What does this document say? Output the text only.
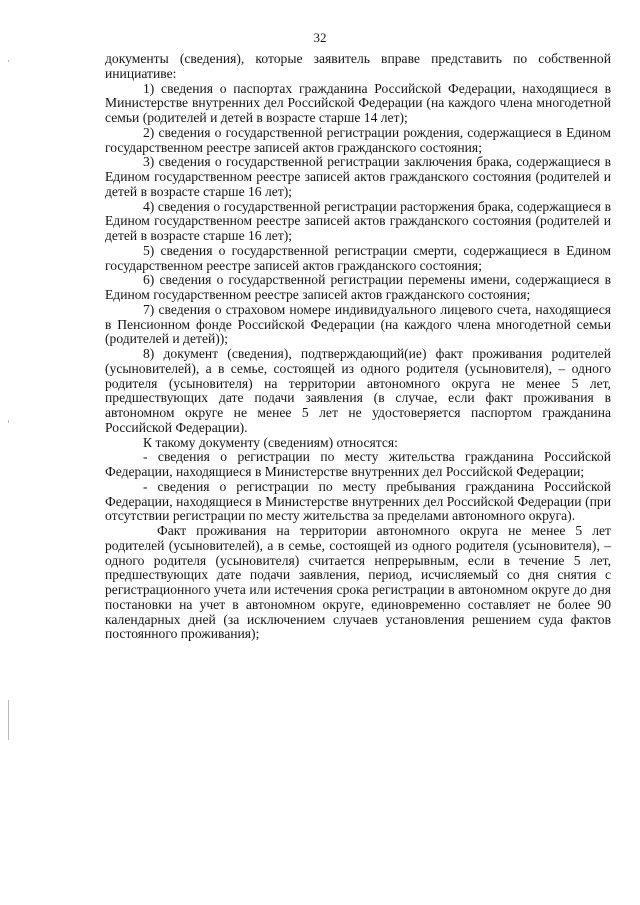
32

документы (сведения), которые заявитель вправе представить по собственной инициативе:

1) сведения о паспортах гражданина Российской Федерации, находящиеся в Министерстве внутренних дел Российской Федерации (на каждого члена многодетной семьи (родителей и детей в возрасте старше 14 лет);

2) сведения о государственной регистрации рождения, содержащиеся в Едином государственном реестре записей актов гражданского состояния;

3) сведения о государственной регистрации заключения брака, содержащиеся в Едином государственном реестре записей актов гражданского состояния (родителей и детей в возрасте старше 16 лет);

4) сведения о государственной регистрации расторжения брака, содержащиеся в Едином государственном реестре записей актов гражданского состояния (родителей и детей в возрасте старше 16 лет);

5) сведения о государственной регистрации смерти, содержащиеся в Едином государственном реестре записей актов гражданского состояния;

6) сведения о государственной регистрации перемены имени, содержащиеся в Едином государственном реестре записей актов гражданского состояния;

7) сведения о страховом номере индивидуального лицевого счета, находящиеся в Пенсионном фонде Российской Федерации (на каждого члена многодетной семьи (родителей и детей));

8) документ (сведения), подтверждающий(ие) факт проживания родителей (усыновителей), а в семье, состоящей из одного родителя (усыновителя), – одного родителя (усыновителя) на территории автономного округа не менее 5 лет, предшествующих дате подачи заявления (в случае, если факт проживания в автономном округе не менее 5 лет не удостоверяется паспортом гражданина Российской Федерации).

К такому документу (сведениям) относятся:

- сведения о регистрации по месту жительства гражданина Российской Федерации, находящиеся в Министерстве внутренних дел Российской Федерации;

- сведения о регистрации по месту пребывания гражданина Российской Федерации, находящиеся в Министерстве внутренних дел Российской Федерации (при отсутствии регистрации по месту жительства за пределами автономного округа).

Факт проживания на территории автономного округа не менее 5 лет родителей (усыновителей), а в семье, состоящей из одного родителя (усыновителя), – одного родителя (усыновителя) считается непрерывным, если в течение 5 лет, предшествующих дате подачи заявления, период, исчисляемый со дня снятия с регистрационного учета или истечения срока регистрации в автономном округе до дня постановки на учет в автономном округе, единовременно составляет не более 90 календарных дней (за исключением случаев установления решением суда фактов постоянного проживания);
